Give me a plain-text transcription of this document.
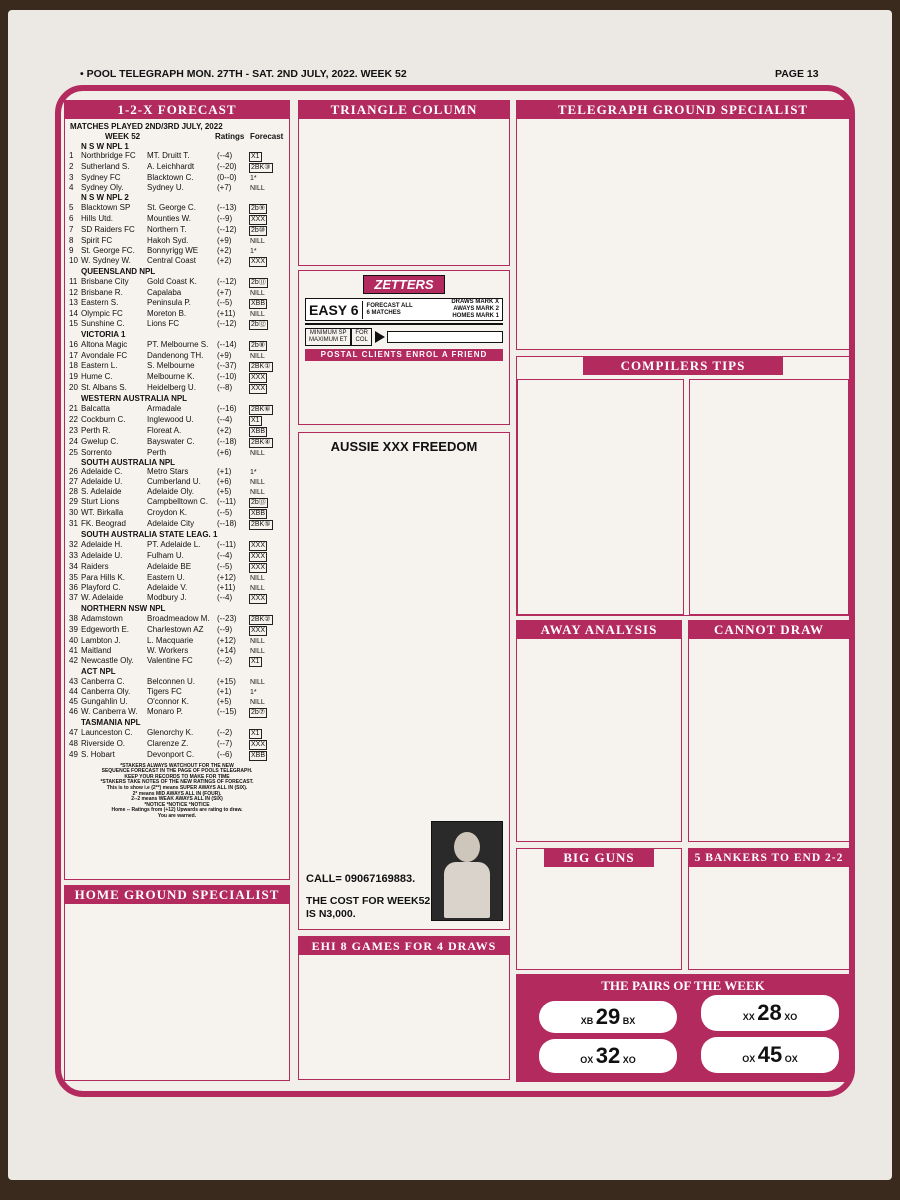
• POOL TELEGRAPH MON. 27TH - SAT. 2ND JULY, 2022. WEEK 52	PAGE 13
1-2-X FORECAST
MATCHES PLAYED 2ND/3RD JULY, 2022
WEEK 52	Ratings Forecast
N S W NPL 1
1 Northbridge FC	MT. Druitt T.	(--4)	X1
2 Sutherland S.	A. Leichhardt	(--20)	2BK③
3 Sydney FC	Blacktown C.	(0--0)	1*
4 Sydney Oly.	Sydney U.	(+7)	NILL
N S W NPL 2
5 Blacktown SP	St. George C.	(--13)	2b⑨
6 Hills Utd.	Mounties W.	(--9)	XXX
7 SD Raiders FC	Northern T.	(--12)	2b⑩
8 Spirit FC	Hakoh Syd.	(+9)	NILL
9 St. George FC.	Bonnyrigg WE	(+2)	1*
10 W. Sydney W.	Central Coast	(+2)	XXX
QUEENSLAND NPL
11 Brisbane City	Gold Coast K.	(--12)	2b⑪
12 Brisbane R.	Capalaba	(+7)	NILL
13 Eastern S.	Peninsula P.	(--5)	XBB
14 Olympic FC	Moreton B.	(+11)	NILL
15 Sunshine C.	Lions FC	(--12)	2b⑫
VICTORIA 1
16 Altona Magic	PT. Melbourne S.	(--14)	2b⑧
17 Avondale FC	Dandenong TH.	(+9)	NILL
18 Eastern L.	S. Melbourne	(--37)	2BK①
19 Hume C.	Melbourne K.	(--10)	XXX
20 St. Albans S.	Heidelberg U.	(--8)	XXX
WESTERN AUSTRALIA NPL
21 Balcatta	Armadale	(--16)	2BK⑥
22 Cockburn C.	Inglewood U.	(--4)	X1
23 Perth R.	Floreat A.	(+2)	XBB
24 Gwelup C.	Bayswater C.	(--18)	2BK④
25 Sorrento	Perth	(+6)	NILL
SOUTH AUSTRALIA NPL
26 Adelaide C.	Metro Stars	(+1)	1*
27 Adelaide U.	Cumberland U.	(+6)	NILL
28 S. Adelaide	Adelaide Oly.	(+5)	NILL
29 Sturt Lions	Campbelltown C.	(--11)	2b⑬
30 WT. Birkalla	Croydon K.	(--5)	XBB
31 FK. Beograd	Adelaide City	(--18)	2BK⑤
SOUTH AUSTRALIA STATE LEAG. 1
32 Adelaide H.	PT. Adelaide L.	(--11)	XXX
33 Adelaide U.	Fulham U.	(--4)	XXX
34 Raiders	Adelaide BE	(--5)	XXX
35 Para Hills K.	Eastern U.	(+12)	NILL
36 Playford C.	Adelaide V.	(+11)	NILL
37 W. Adelaide	Modbury J.	(--4)	XXX
NORTHERN NSW NPL
38 Adamstown	Broadmeadow M. (--23)	2BK②
39 Edgeworth E.	Charlestown AZ	(--9)	XXX
40 Lambton J.	L. Macquarie	(+12)	NILL
41 Maitland	W. Workers	(+14)	NILL
42 Newcastle Oly.	Valentine FC	(--2)	X1
ACT NPL
43 Canberra C.	Belconnen U.	(+15)	NILL
44 Canberra Oly.	Tigers FC	(+1)	1*
45 Gungahlin U.	O'connor K.	(+5)	NILL
46 W. Canberra W.	Monaro P.	(--15)	2b⑦
TASMANIA NPL
47 Launceston C.	Glenorchy K.	(--2)	X1
48 Riverside O.	Clarenze Z.	(--7)	XXX
49 S. Hobart	Devonport C.	(--6)	XBB
*STAKERS ALWAYS WATCHOUT FOR THE NEW
SEQUENCE FORECAST IN THE PAGE OF POOLS TELEGRAPH.
KEEP YOUR RECORDS TO MAKE FOR TIME
*STAKERS TAKE NOTES OF THE NEW RATINGS OF FORECAST.
This is to show i.e (2**) means SUPER AWAYS ALL IN (SIX).
2* means MID AWAYS ALL IN (FOUR).
2--2 means WEAK AWAYS ALL IN (SIX)
*NOTICE *NOTICE *NOTICE
Home -- Ratings from (+12) Upwards are rating to draw.
You are warned.
HOME GROUND SPECIALIST
TRIANGLE COLUMN
ZETTERS
EASY 6	FORECAST ALL
6 MATCHES
DRAWS MARK X
AWAYS MARK 2
HOMES MARK 1
MINIMUM SP
MAXIMUM ET
FOR
COL
POSTAL CLIENTS ENROL A FRIEND
AUSSIE XXX FREEDOM
CALL= 09067169883.
THE COST FOR WEEK52
IS N3,000.
EHI 8 GAMES FOR 4 DRAWS
TELEGRAPH GROUND SPECIALIST
COMPILERS TIPS
AWAY ANALYSIS	CANNOT DRAW
BIG GUNS	5 BANKERS TO END 2-2
THE PAIRS OF THE WEEK
XB 29 BX	XX 28 XO
OX 32 XO	OX 45 OX
